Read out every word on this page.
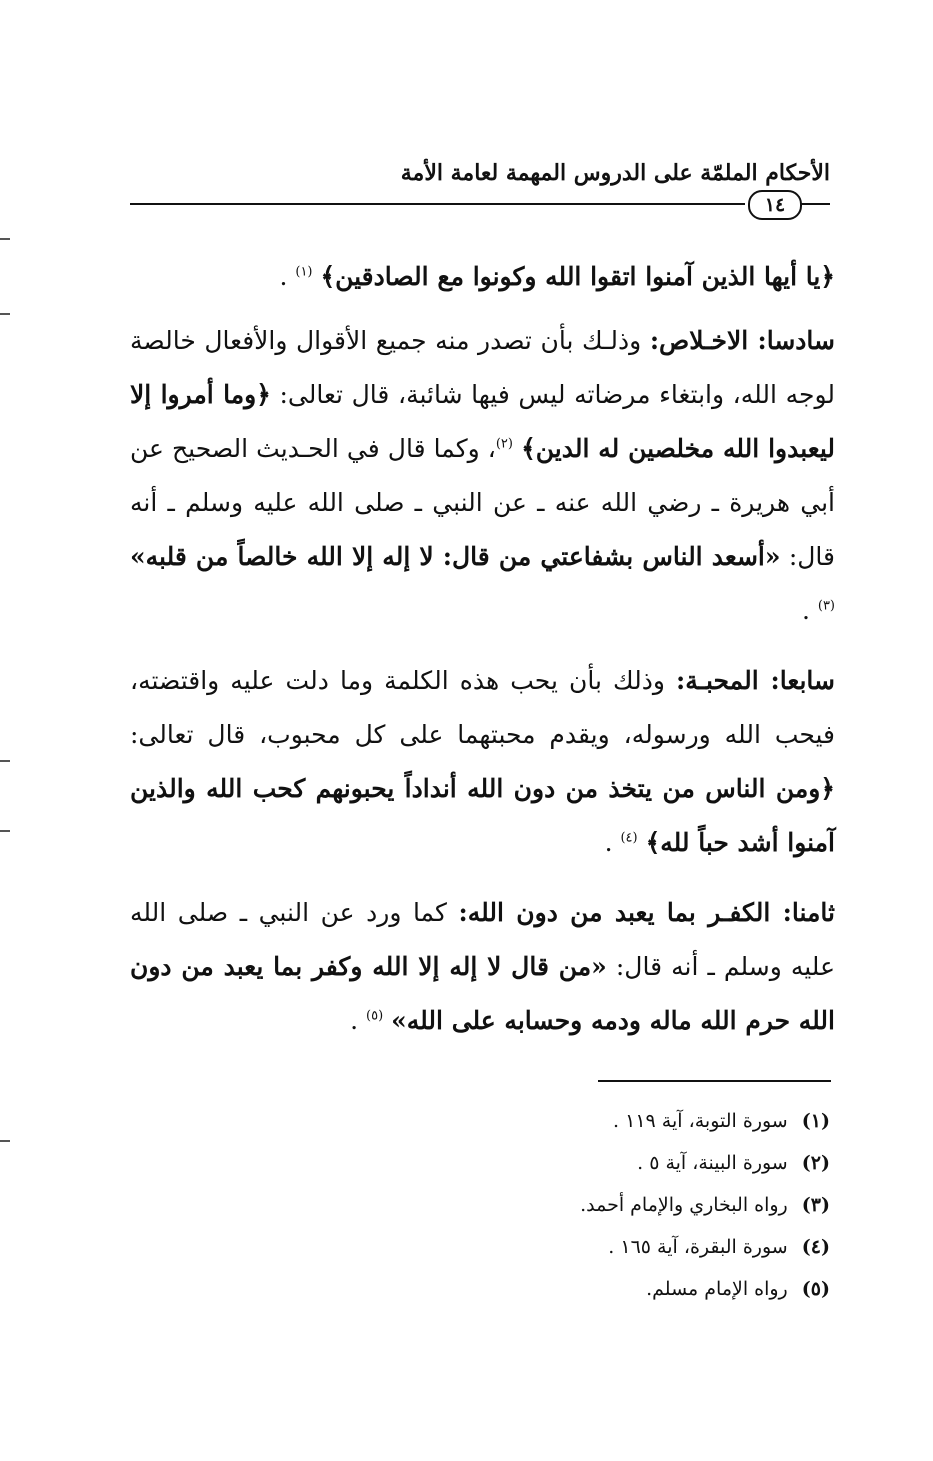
الأحكام الملمّة على الدروس المهمة لعامة الأمة
١٤

﴿يا أيها الذين آمنوا اتقوا الله وكونوا مع الصادقين﴾ $^{(١)}$ .

سادسا: الاخـلاص: وذلـك بأن تصدر منه جميع الأقوال والأفعال خالصة لوجه الله، وابتغاء مرضاته ليس فيها شائبة، قال تعالى: ﴿وما أمروا إلا ليعبدوا الله مخلصين له الدين﴾ $^{(٢)}$، وكما قال في الحـديث الصحيح عن أبي هريرة ـ رضي الله عنه ـ عن النبي ـ صلى الله عليه وسلم ـ أنه قال: «أسعد الناس بشفاعتي من قال: لا إله إلا الله خالصاً من قلبه» $^{(٣)}$ .

سابعا: المحبـة: وذلك بأن يحب هذه الكلمة وما دلت عليه واقتضته، فيحب الله ورسوله، ويقدم محبتهما على كل محبوب، قال تعالى: ﴿ومن الناس من يتخذ من دون الله أنداداً يحبونهم كحب الله والذين آمنوا أشد حباً لله﴾ $^{(٤)}$ .

ثامنا: الكفـر بما يعبد من دون الله: كما ورد عن النبي ـ صلى الله عليه وسلم ـ أنه قال: «من قال لا إله إلا الله وكفر بما يعبد من دون الله حرم الله ماله ودمه وحسابه على الله» $^{(٥)}$ .

(١) سورة التوبة، آية ١١٩ .
(٢) سورة البينة، آية ٥ .
(٣) رواه البخاري والإمام أحمد.
(٤) سورة البقرة، آية ١٦٥ .
(٥) رواه الإمام مسلم.
